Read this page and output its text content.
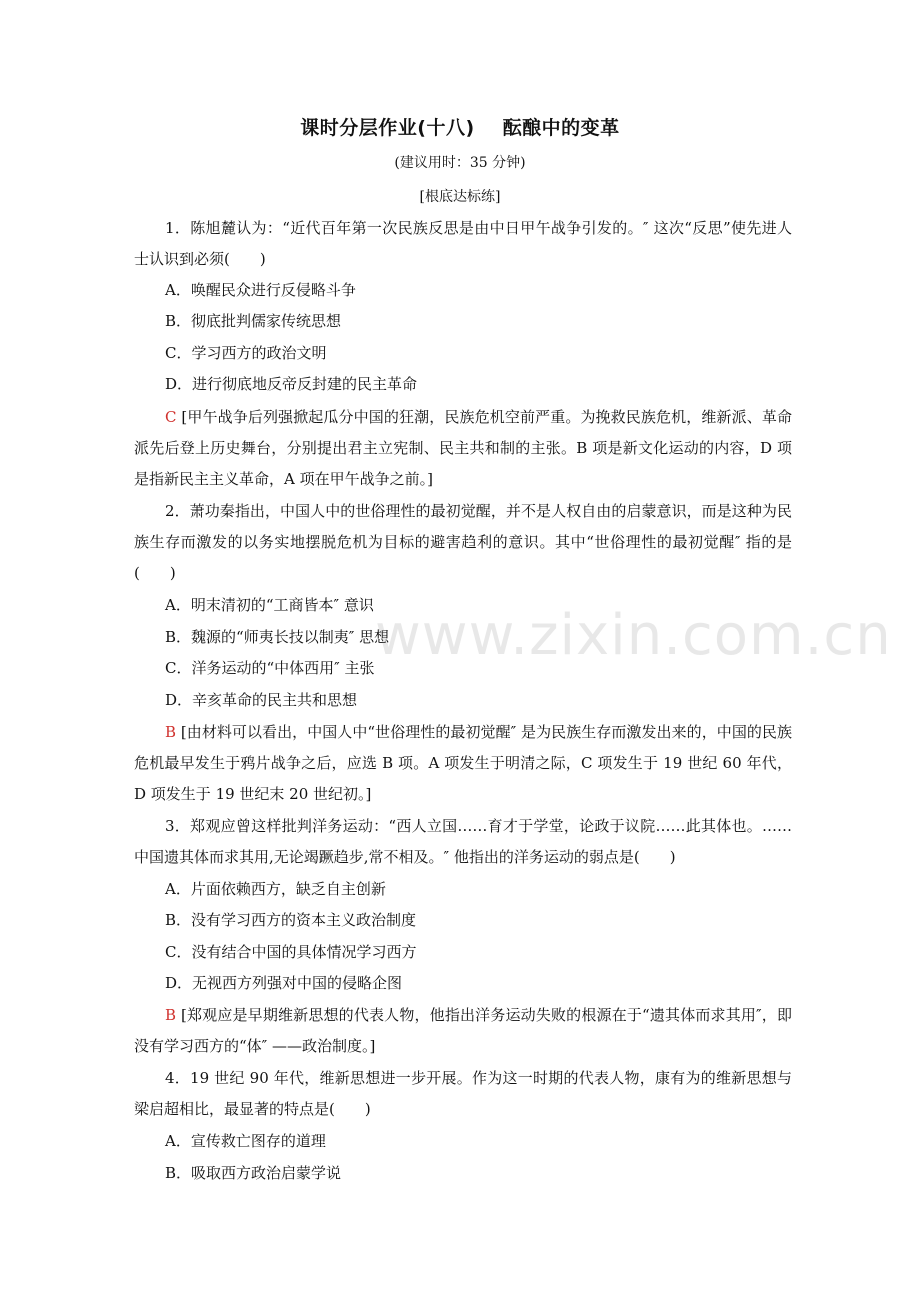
课时分层作业(十八) 酝酿中的变革
(建议用时：35 分钟)
[根底达标练]

1．陈旭麓认为：“近代百年第一次民族反思是由中日甲午战争引发的。″ 这次“反思”使先进人士认识到必须(　　)

A．唤醒民众进行反侵略斗争

B．彻底批判儒家传统思想

C．学习西方的政治文明

D．进行彻底地反帝反封建的民主革命

C [甲午战争后列强掀起瓜分中国的狂潮，民族危机空前严重。为挽救民族危机，维新派、革命派先后登上历史舞台，分别提出君主立宪制、民主共和制的主张。B 项是新文化运动的内容，D 项是指新民主主义革命，A 项在甲午战争之前。]

2．萧功秦指出，中国人中的世俗理性的最初觉醒，并不是人权自由的启蒙意识，而是这种为民族生存而激发的以务实地摆脱危机为目标的避害趋利的意识。其中“世俗理性的最初觉醒″ 指的是(　　)

A．明末清初的“工商皆本″ 意识

B．魏源的“师夷长技以制夷″ 思想

C．洋务运动的“中体西用″ 主张

D．辛亥革命的民主共和思想

B [由材料可以看出，中国人中“世俗理性的最初觉醒″ 是为民族生存而激发出来的，中国的民族危机最早发生于鸦片战争之后，应选 B 项。A 项发生于明清之际，C 项发生于 19 世纪 60 年代，D 项发生于 19 世纪末 20 世纪初。]

3．郑观应曾这样批判洋务运动：“西人立国……育才于学堂，论政于议院……此其体也。……中国遗其体而求其用,无论竭蹶趋步,常不相及。″ 他指出的洋务运动的弱点是(　　)

A．片面依赖西方，缺乏自主创新

B．没有学习西方的资本主义政治制度

C．没有结合中国的具体情况学习西方

D．无视西方列强对中国的侵略企图

B [郑观应是早期维新思想的代表人物，他指出洋务运动失败的根源在于“遗其体而求其用″，即没有学习西方的“体″ ——政治制度。]

4．19 世纪 90 年代，维新思想进一步开展。作为这一时期的代表人物，康有为的维新思想与梁启超相比，最显著的特点是(　　)

A．宣传救亡图存的道理

B．吸取西方政治启蒙学说

www.zixin.com.cn
